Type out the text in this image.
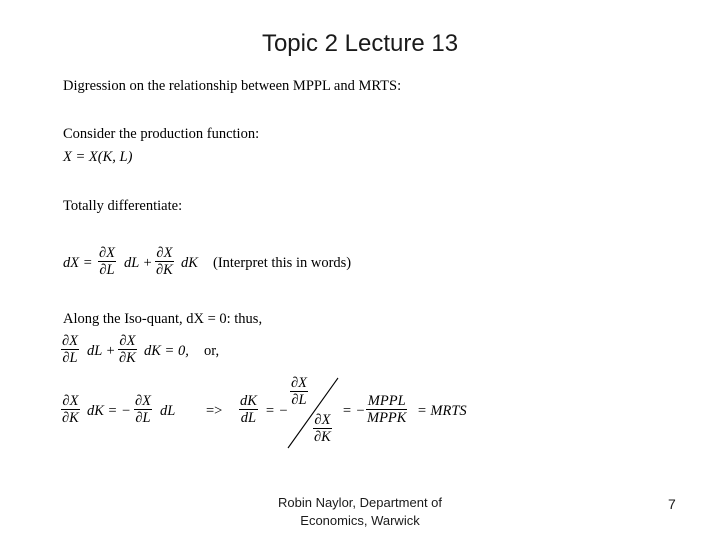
Topic 2 Lecture 13
Digression on the relationship between MPPL and MRTS:
Consider the production function:
X = X(K, L)
Totally differentiate:
dX =
∂X
∂L dL +
∂X
∂K dK (Interpret this in words)
Along the Iso-quant, dX = 0: thus,
∂X
∂L dL +
∂X
∂K dK = 0, or,
∂X
∂K dK = −
∂X
∂L dL =>
dK
dL = −
∂X
∂L
∂X
∂K
= −
MPPL
MPPK = MRTS
Robin Naylor, Department of
Economics, Warwick
7
